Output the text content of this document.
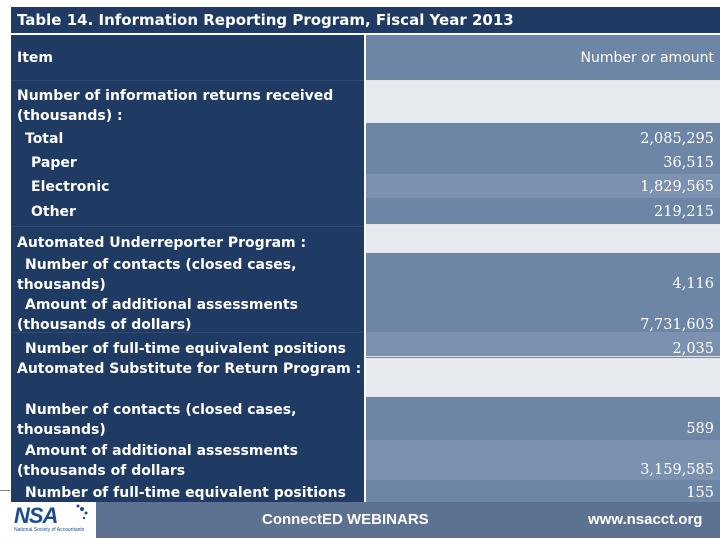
Table 14. Information Reporting Program, Fiscal Year 2013
Item	Number or amount
Number of information returns received (thousands) :
Total	2,085,295
Paper	36,515
Electronic	1,829,565
Other	219,215
Automated Underreporter Program :
Number of contacts (closed cases, thousands)	4,116
Amount of additional assessments (thousands of dollars)	7,731,603
Number of full-time equivalent positions	2,035
Automated Substitute for Return Program :
Number of contacts (closed cases, thousands)	589
Amount of additional assessments (thousands of dollars	3,159,585
Number of full-time equivalent positions	155
NSA
National Society of Accountants
ConnectED WEBINARS	www.nsacct.org
